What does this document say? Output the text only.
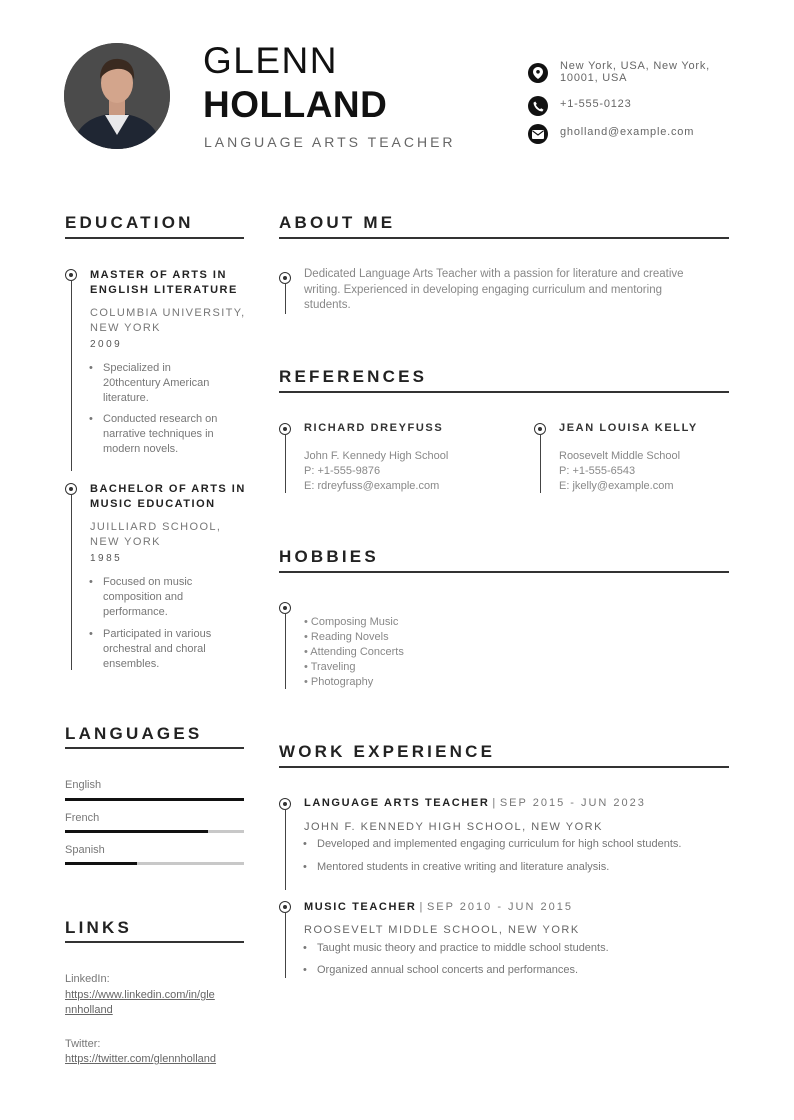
GLENN
HOLLAND
LANGUAGE ARTS TEACHER
New York, USA, New York,
10001, USA
+1-555-0123
gholland@example.com
EDUCATION
MASTER OF ARTS IN
ENGLISH LITERATURE
COLUMBIA UNIVERSITY,
NEW YORK
2009
• Specialized in
20thcentury American
literature.
• Conducted research on
narrative techniques in
modern novels.
BACHELOR OF ARTS IN
MUSIC EDUCATION
JUILLIARD SCHOOL,
NEW YORK
1985
• Focused on music
composition and
performance.
• Participated in various
orchestral and choral
ensembles.
LANGUAGES
English
French
Spanish
LINKS
LinkedIn:
https://www.linkedin.com/in/gle
nnholland
Twitter:
https://twitter.com/glennholland
ABOUT ME
Dedicated Language Arts Teacher with a passion for literature and creative
writing. Experienced in developing engaging curriculum and mentoring
students.
REFERENCES
RICHARD DREYFUSS
John F. Kennedy High School
P: +1-555-9876
E: rdreyfuss@example.com
JEAN LOUISA KELLY
Roosevelt Middle School
P: +1-555-6543
E: jkelly@example.com
HOBBIES
• Composing Music
• Reading Novels
• Attending Concerts
• Traveling
• Photography
WORK EXPERIENCE
LANGUAGE ARTS TEACHER | SEP 2015 - JUN 2023
JOHN F. KENNEDY HIGH SCHOOL, NEW YORK
• Developed and implemented engaging curriculum for high school students.
• Mentored students in creative writing and literature analysis.
MUSIC TEACHER | SEP 2010 - JUN 2015
ROOSEVELT MIDDLE SCHOOL, NEW YORK
• Taught music theory and practice to middle school students.
• Organized annual school concerts and performances.
